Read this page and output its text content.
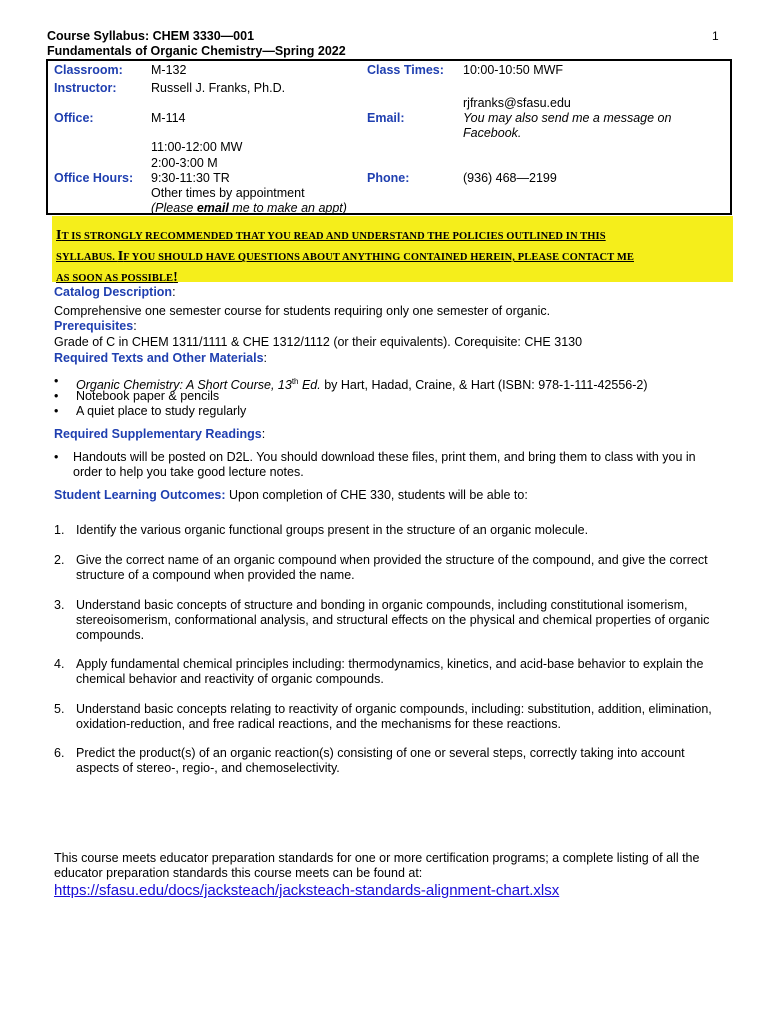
Course Syllabus: CHEM 3330—001
Fundamentals of Organic Chemistry—Spring 2022
1
Classroom: M-132	Class Times: 10:00-10:50 MWF
Instructor:	Russell J. Franks, Ph.D.
rjfranks@sfasu.edu
Office:	M-114	Email:	You may also send me a message on
Facebook.
11:00-12:00 MW
2:00-3:00 M
Office Hours: 9:30-11:30 TR	Phone:	(936) 468—2199
Other times by appointment
(Please email me to make an appt)
IT IS STRONGLY RECOMMENDED THAT YOU READ AND UNDERSTAND THE POLICIES OUTLINED IN THIS
SYLLABUS. IF YOU SHOULD HAVE QUESTIONS ABOUT ANYTHING CONTAINED HEREIN, PLEASE CONTACT ME
AS SOON AS POSSIBLE!
Catalog Description:
Comprehensive one semester course for students requiring only one semester of organic.
Prerequisites:
Grade of C in CHEM 1311/1111 & CHE 1312/1112 (or their equivalents). Corequisite: CHE 3130
Required Texts and Other Materials:
• Organic Chemistry: A Short Course, 13th Ed. by Hart, Hadad, Craine, & Hart (ISBN: 978-1-111-42556-2)
• Notebook paper & pencils
• A quiet place to study regularly
Required Supplementary Readings:
• Handouts will be posted on D2L. You should download these files, print them, and bring them to class with you in
order to help you take good lecture notes.
Student Learning Outcomes: Upon completion of CHE 330, students will be able to:
1. Identify the various organic functional groups present in the structure of an organic molecule.
2. Give the correct name of an organic compound when provided the structure of the compound, and give the correct structure of a compound when provided the name.
3. Understand basic concepts of structure and bonding in organic compounds, including constitutional isomerism, stereoisomerism, conformational analysis, and structural effects on the physical and chemical properties of organic compounds.
4. Apply fundamental chemical principles including: thermodynamics, kinetics, and acid-base behavior to explain the chemical behavior and reactivity of organic compounds.
5. Understand basic concepts relating to reactivity of organic compounds, including: substitution, addition, elimination, oxidation-reduction, and free radical reactions, and the mechanisms for these reactions.
6. Predict the product(s) of an organic reaction(s) consisting of one or several steps, correctly taking into account aspects of stereo-, regio-, and chemoselectivity.
This course meets educator preparation standards for one or more certification programs; a complete listing of all the
educator preparation standards this course meets can be found at:
https://sfasu.edu/docs/jacksteach/jacksteach-standards-alignment-chart.xlsx
